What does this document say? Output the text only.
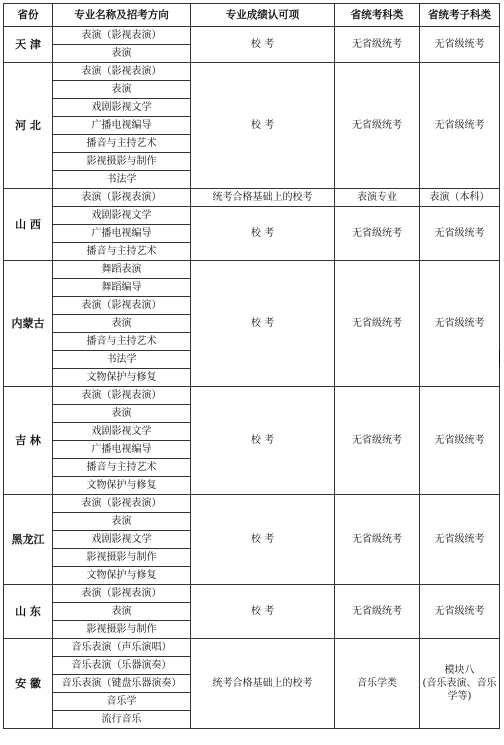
省份	专业名称及招考方向	专业成绩认可项	省统考科类	省统考子科类
天 津	表演（影视表演）	校 考	无省级统考	无省级统考
	表演			
河 北	表演（影视表演）	校 考	无省级统考	无省级统考
	表演			
	戏剧影视文学			
	广播电视编导			
	播音与主持艺术			
	影视摄影与制作			
	书法学			
山 西	表演（影视表演）	统考合格基础上的校考	表演专业	表演（本科）
	戏剧影视文学	校 考	无省级统考	无省级统考
	广播电视编导			
	播音与主持艺术			
内蒙古	舞蹈表演	校 考	无省级统考	无省级统考
	舞蹈编导			
	表演（影视表演）			
	表演			
	播音与主持艺术			
	书法学			
	文物保护与修复			
吉 林	表演（影视表演）	校 考	无省级统考	无省级统考
	表演			
	戏剧影视文学			
	广播电视编导			
	播音与主持艺术			
	文物保护与修复			
黑龙江	表演（影视表演）	校 考	无省级统考	无省级统考
	表演			
	戏剧影视文学			
	影视摄影与制作			
	文物保护与修复			
山 东	表演（影视表演）	校 考	无省级统考	无省级统考
	表演			
	影视摄影与制作			
安 徽	音乐表演（声乐演唱）	统考合格基础上的校考	音乐学类	模块八
(音乐表演、音乐
学等)

	音乐表演（乐器演奏）			
	音乐表演（键盘乐器演奏）			
	音乐学			
	流行音乐			
